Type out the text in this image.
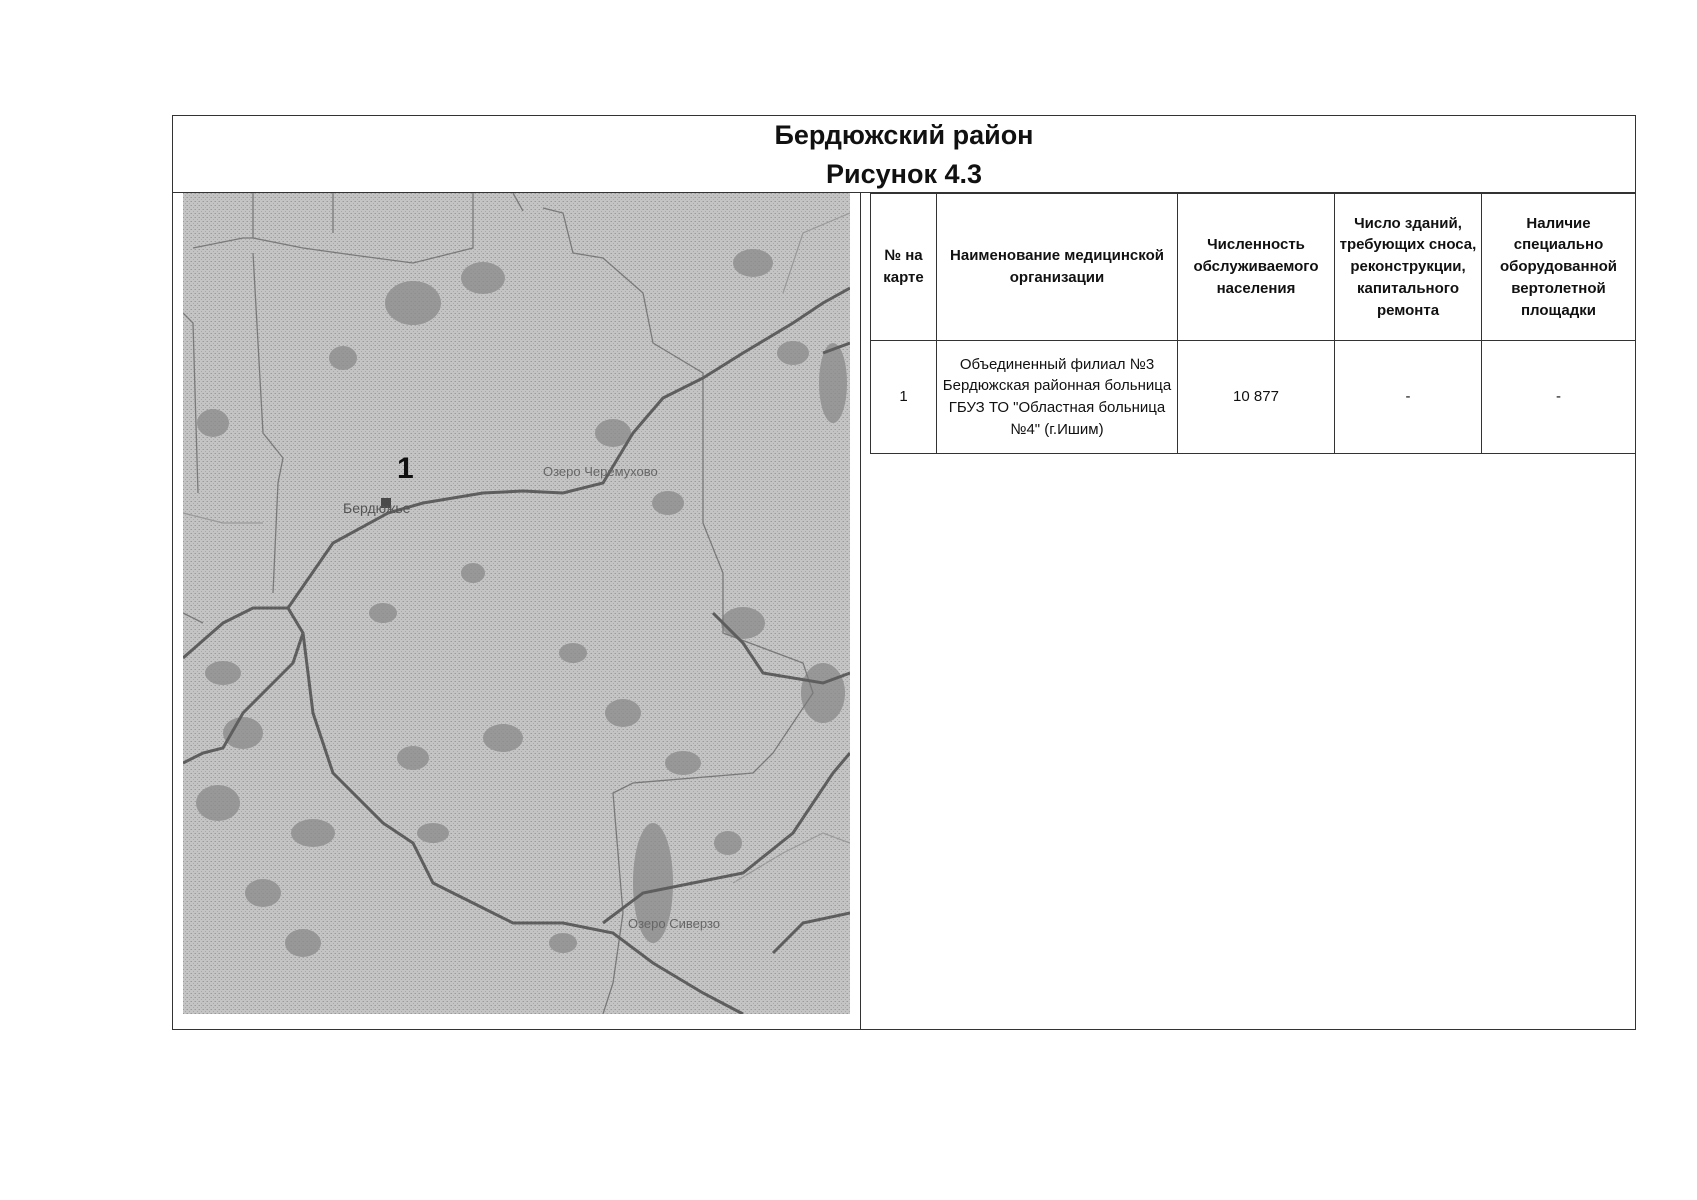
Бердюжский район
Рисунок 4.3
1
Бердюжье
Озеро Черемухово
Озеро Сиверзо
№ на карте	Наименование медицинской организации	Численность обслуживаемого населения	Число зданий, требующих сноса, реконструкции, капитального ремонта	Наличие специально оборудованной вертолетной площадки
1	Объединенный филиал №3 Бердюжская районная больница ГБУЗ ТО "Областная больница №4" (г.Ишим)	10 877	-	-
